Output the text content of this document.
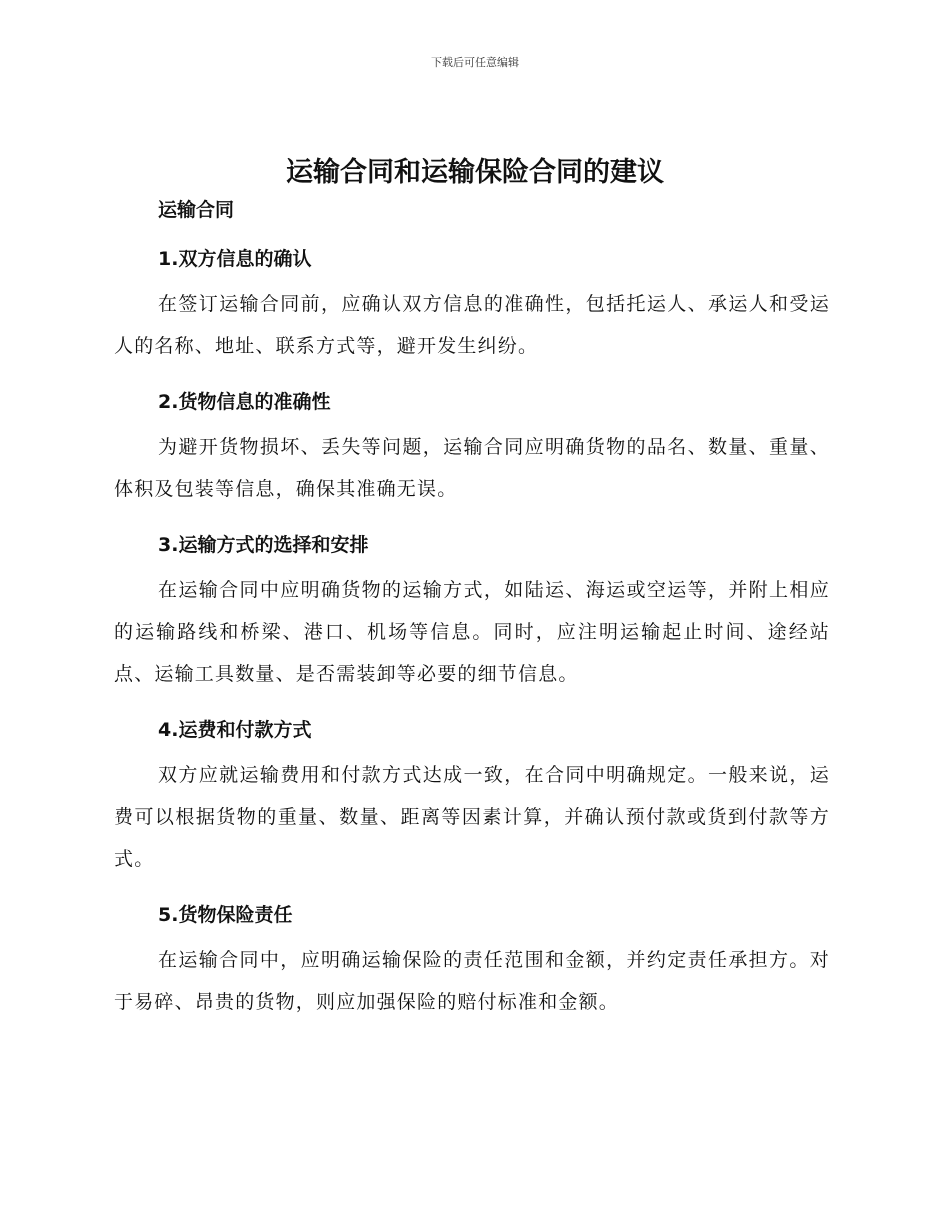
下载后可任意编辑
运输合同和运输保险合同的建议

运输合同

1.双方信息的确认

在签订运输合同前，应确认双方信息的准确性，包括托运人、承运人和受运人的名称、地址、联系方式等，避开发生纠纷。

2.货物信息的准确性

为避开货物损坏、丢失等问题，运输合同应明确货物的品名、数量、重量、体积及包装等信息，确保其准确无误。

3.运输方式的选择和安排

在运输合同中应明确货物的运输方式，如陆运、海运或空运等，并附上相应的运输路线和桥梁、港口、机场等信息。同时，应注明运输起止时间、途经站点、运输工具数量、是否需装卸等必要的细节信息。

4.运费和付款方式

双方应就运输费用和付款方式达成一致，在合同中明确规定。一般来说，运费可以根据货物的重量、数量、距离等因素计算，并确认预付款或货到付款等方式。

5.货物保险责任

在运输合同中，应明确运输保险的责任范围和金额，并约定责任承担方。对于易碎、昂贵的货物，则应加强保险的赔付标准和金额。
